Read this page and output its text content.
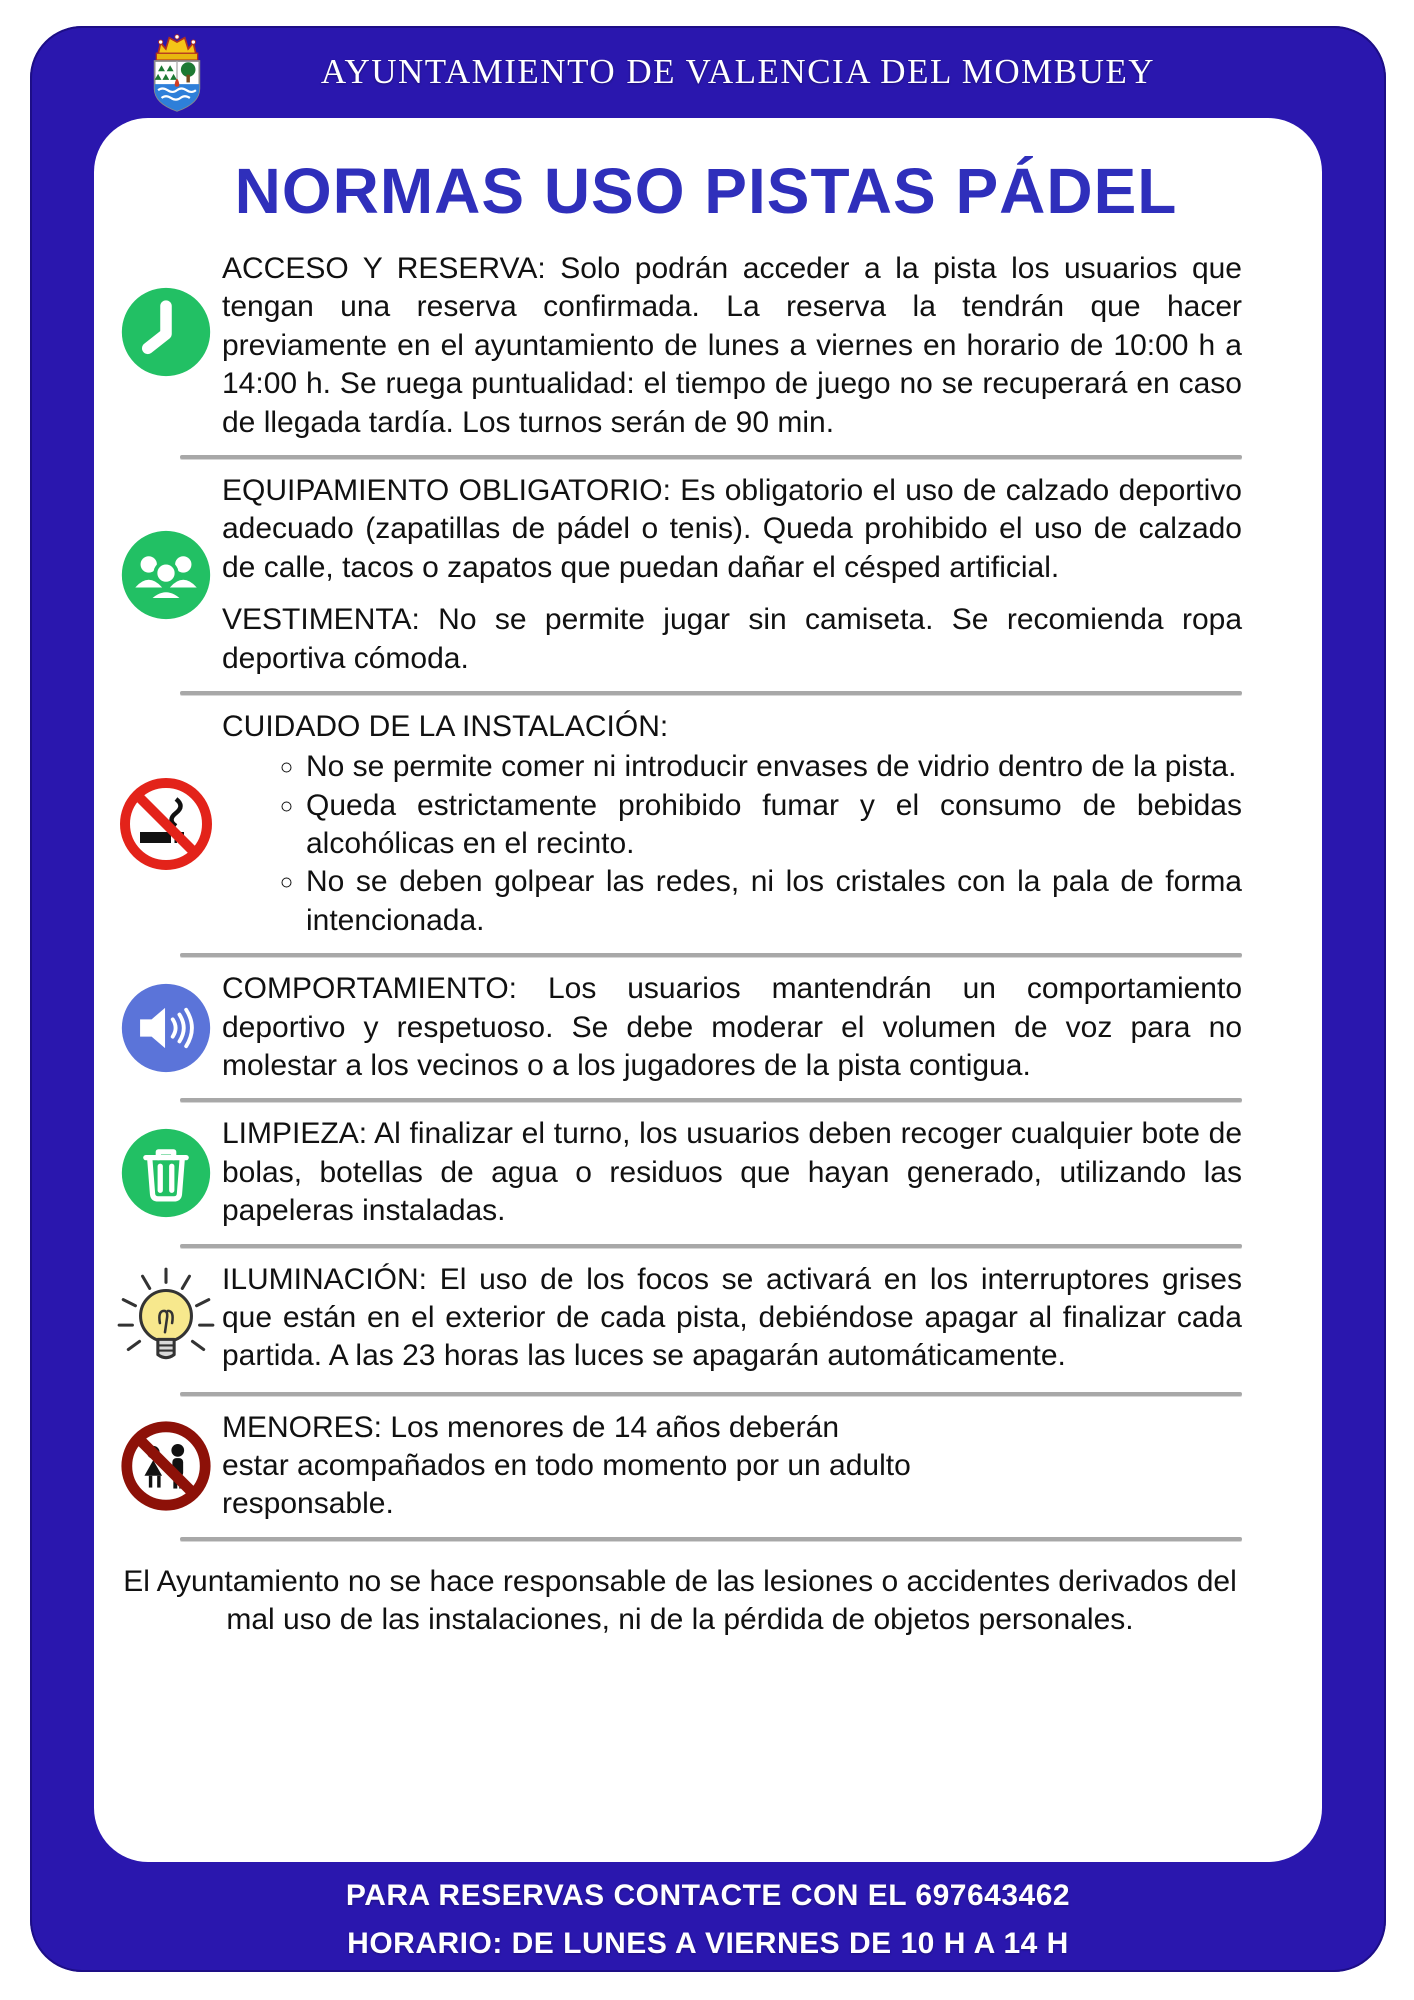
AYUNTAMIENTO DE VALENCIA DEL MOMBUEY
NORMAS USO PISTAS PÁDEL

ACCESO Y RESERVA: Solo podrán acceder a la pista los usuarios que tengan una reserva confirmada. La reserva la tendrán que hacer previamente en el ayuntamiento de lunes a viernes en horario de 10:00 h a 14:00 h. Se ruega puntualidad: el tiempo de juego no se recuperará en caso de llegada tardía. Los turnos serán de 90 min.

EQUIPAMIENTO OBLIGATORIO: Es obligatorio el uso de calzado deportivo adecuado (zapatillas de pádel o tenis). Queda prohibido el uso de calzado de calle, tacos o zapatos que puedan dañar el césped artificial.

VESTIMENTA: No se permite jugar sin camiseta. Se recomienda ropa deportiva cómoda.

CUIDADO DE LA INSTALACIÓN:

◦ No se permite comer ni introducir envases de vidrio dentro de la pista.
◦ Queda estrictamente prohibido fumar y el consumo de bebidas alcohólicas en el recinto.
◦ No se deben golpear las redes, ni los cristales con la pala de forma intencionada.

COMPORTAMIENTO: Los usuarios mantendrán un comportamiento deportivo y respetuoso. Se debe moderar el volumen de voz para no molestar a los vecinos o a los jugadores de la pista contigua.

LIMPIEZA: Al finalizar el turno, los usuarios deben recoger cualquier bote de bolas, botellas de agua o residuos que hayan generado, utilizando las papeleras instaladas.

ILUMINACIÓN: El uso de los focos se activará en los interruptores grises que están en el exterior de cada pista, debiéndose apagar al finalizar cada partida. A las 23 horas las luces se apagarán automáticamente.

MENORES: Los menores de 14 años deberán estar acompañados en todo momento por un adulto responsable.

El Ayuntamiento no se hace responsable de las lesiones o accidentes derivados del mal uso de las instalaciones, ni de la pérdida de objetos personales.

PARA RESERVAS CONTACTE CON EL 697643462

HORARIO: DE LUNES A VIERNES DE 10 H A 14 H
